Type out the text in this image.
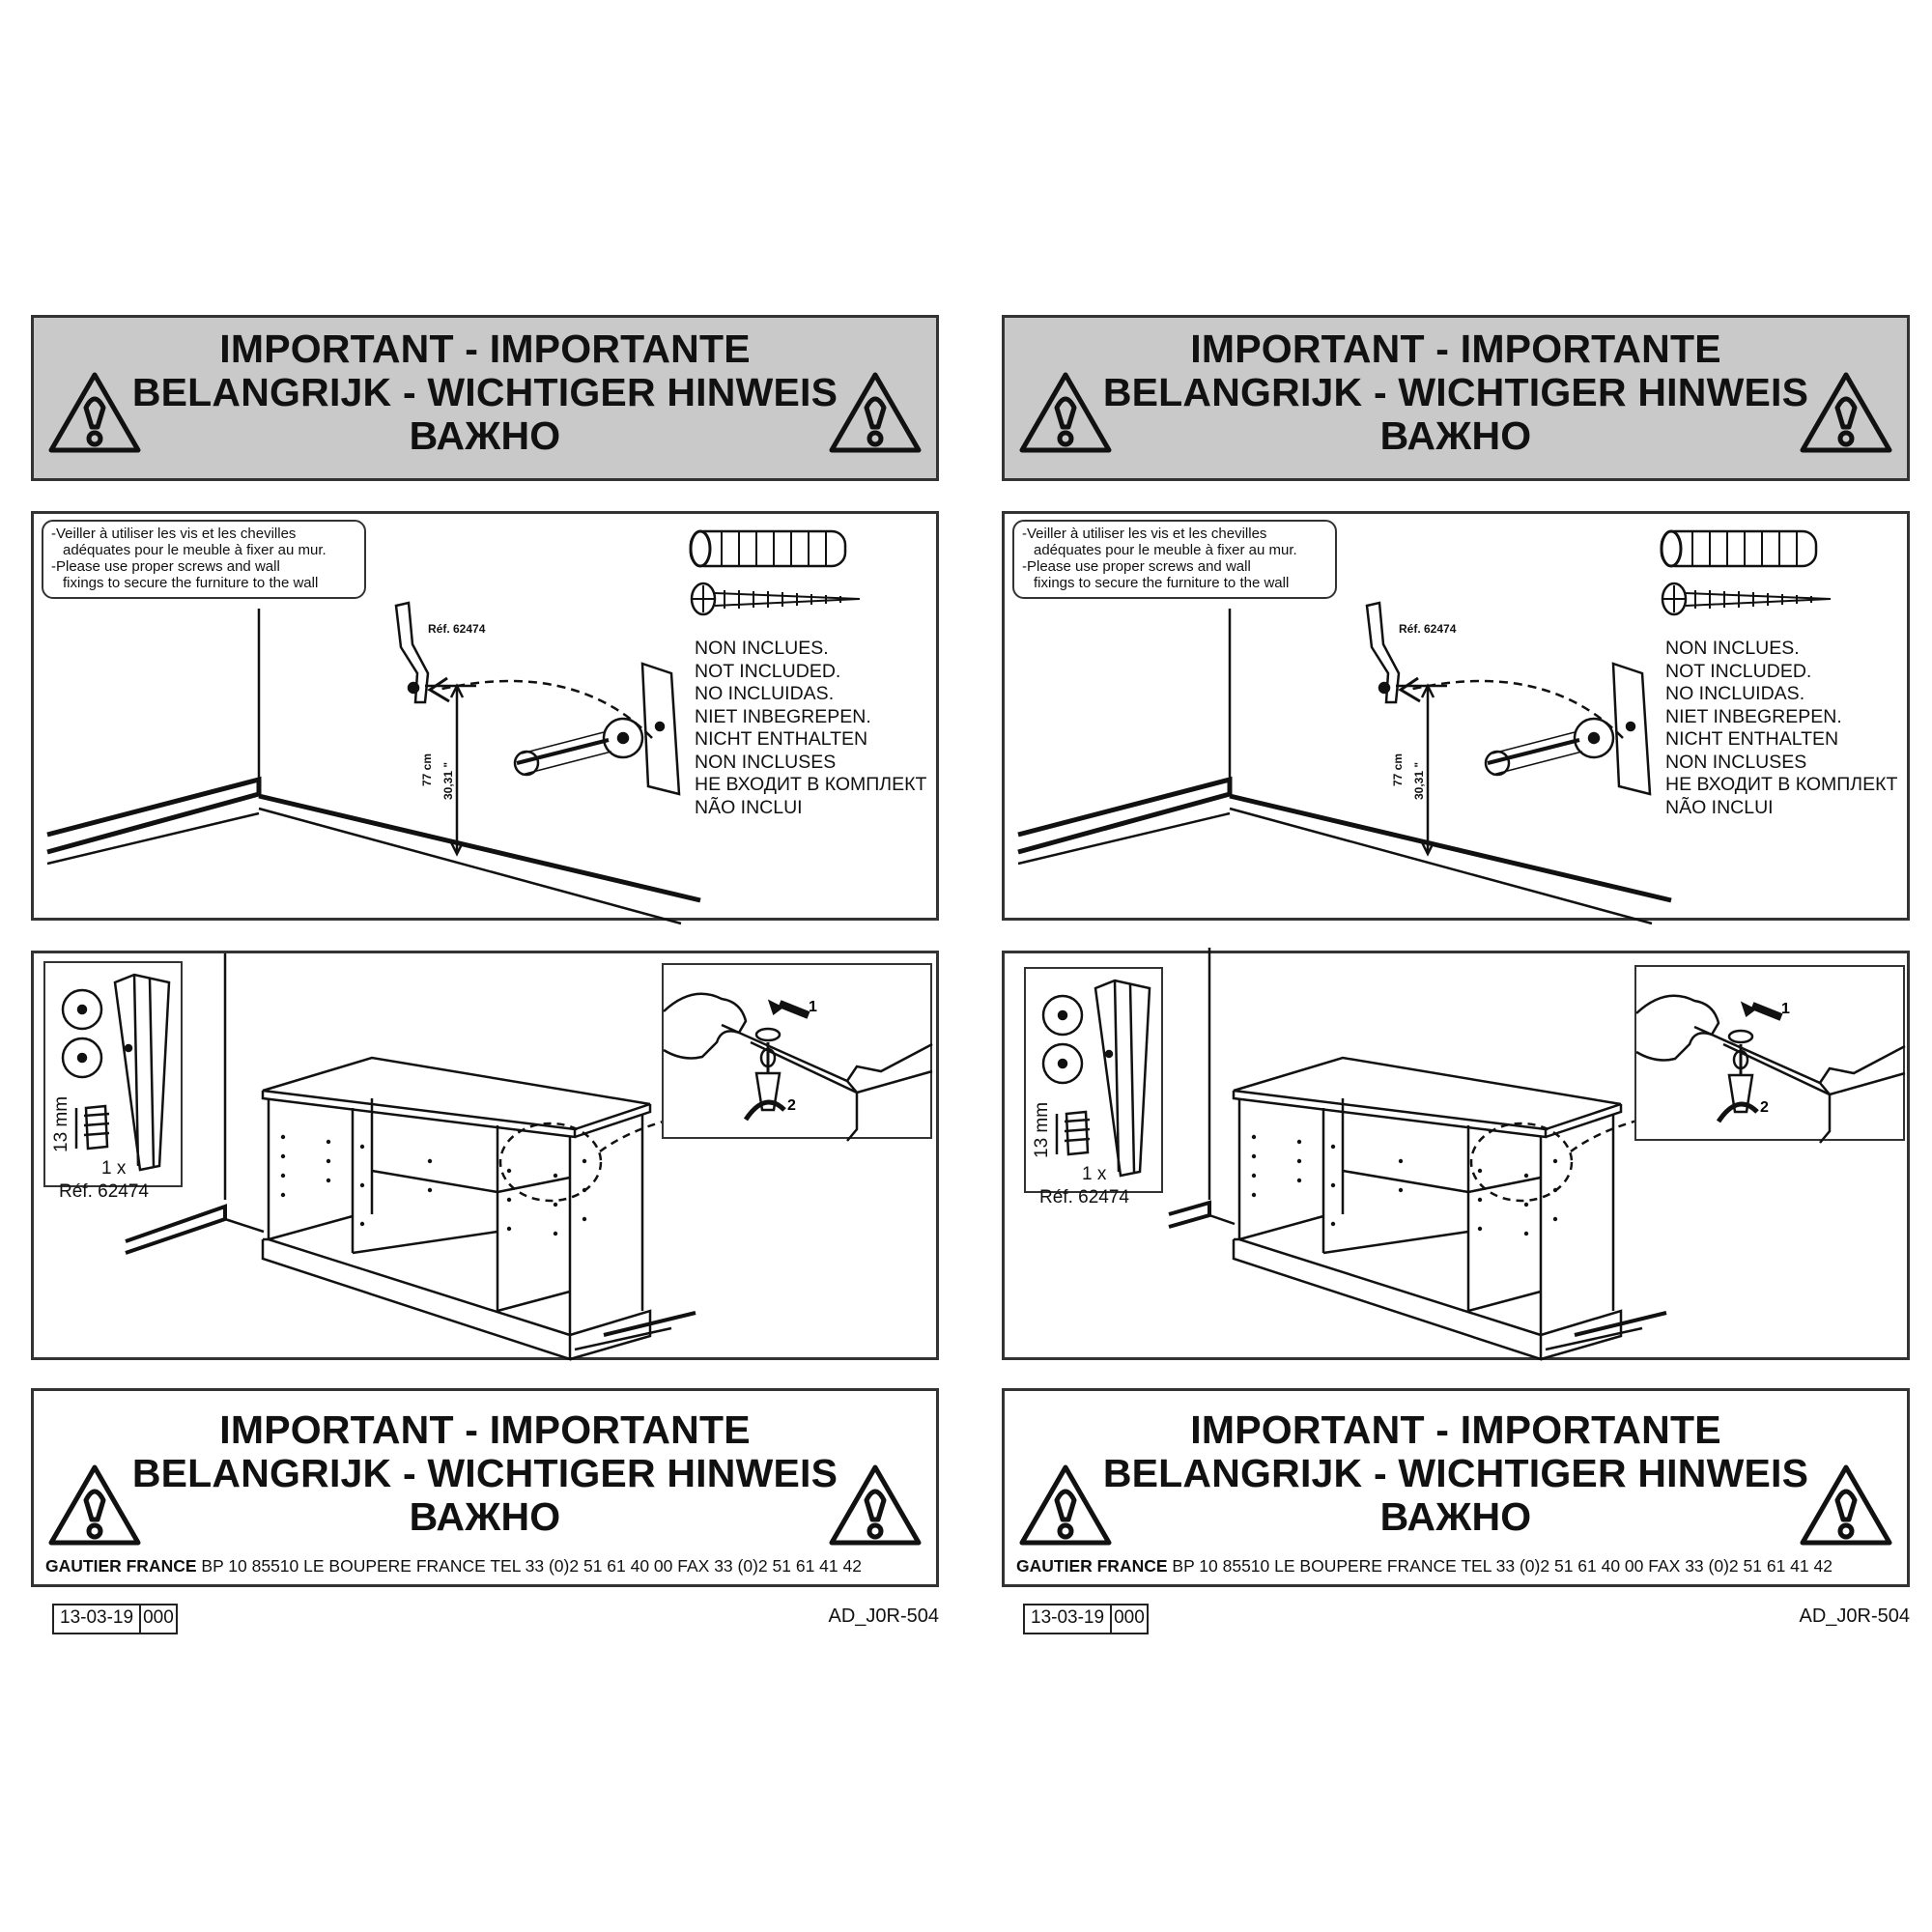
IMPORTANT - IMPORTANTE
BELANGRIJK - WICHTIGER HINWEIS
ВАЖНО
-Veiller à utiliser les vis et les chevilles
adéquates pour le meuble à fixer au mur.
-Please use proper screws and wall
fixings to secure the furniture to the wall
Réf. 62474
77 cm 30,31 "
NON INCLUES.
NOT INCLUDED.
NO INCLUIDAS.
NIET INBEGREPEN.
NICHT ENTHALTEN
NON INCLUSES
НЕ ВХОДИТ В КОМПЛЕКТ
NÃO INCLUI
13 mm
1 x
Réf. 62474
1
2
IMPORTANT - IMPORTANTE
BELANGRIJK - WICHTIGER HINWEIS
ВАЖНО
GAUTIER FRANCE BP 10 85510 LE BOUPERE FRANCE TEL 33 (0)2 51 61 40 00 FAX 33 (0)2 51 61 41 42
13-03-19 000	AD_J0R-504
IMPORTANT - IMPORTANTE
BELANGRIJK - WICHTIGER HINWEIS
ВАЖНО
-Veiller à utiliser les vis et les chevilles
adéquates pour le meuble à fixer au mur.
-Please use proper screws and wall
fixings to secure the furniture to the wall
Réf. 62474
77 cm 30,31 "
NON INCLUES.
NOT INCLUDED.
NO INCLUIDAS.
NIET INBEGREPEN.
NICHT ENTHALTEN
NON INCLUSES
НЕ ВХОДИТ В КОМПЛЕКТ
NÃO INCLUI
13 mm
1 x
Réf. 62474
1
2
IMPORTANT - IMPORTANTE
BELANGRIJK - WICHTIGER HINWEIS
ВАЖНО
GAUTIER FRANCE BP 10 85510 LE BOUPERE FRANCE TEL 33 (0)2 51 61 40 00 FAX 33 (0)2 51 61 41 42
13-03-19 000	AD_J0R-504
